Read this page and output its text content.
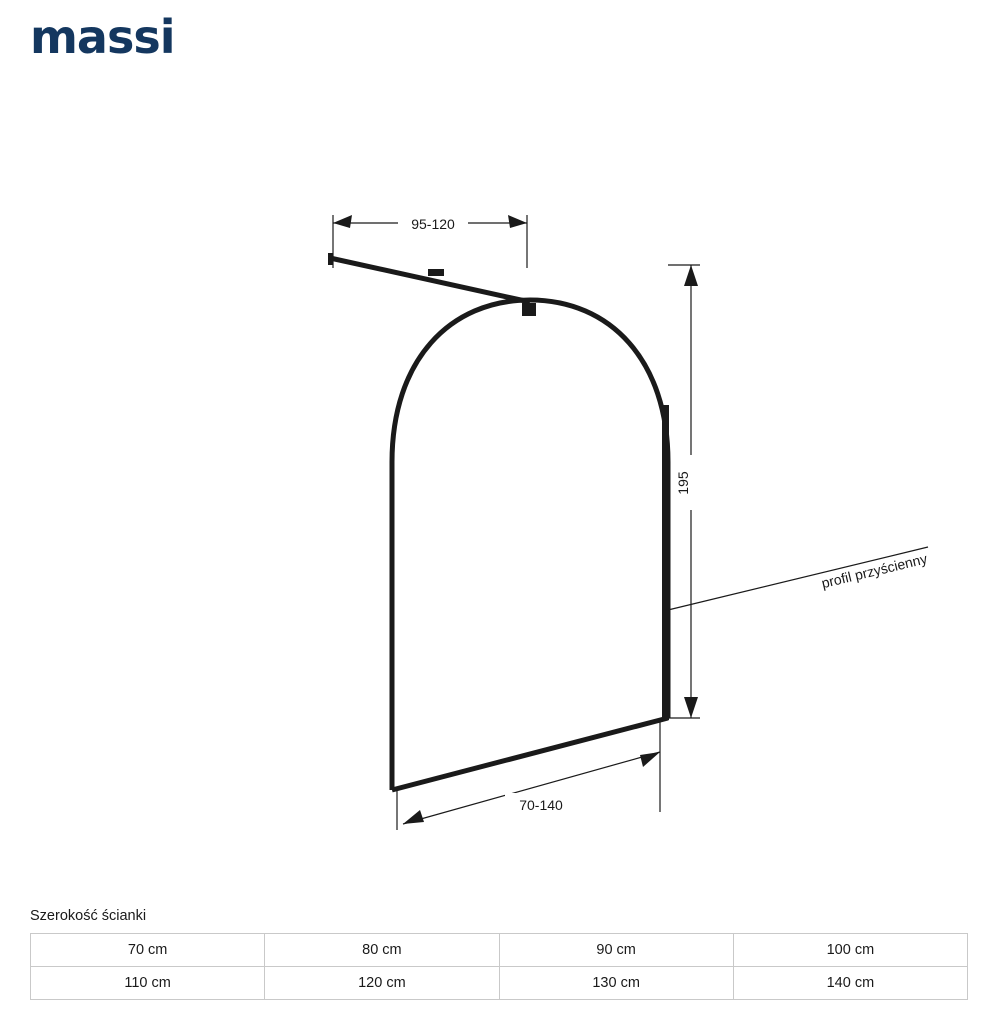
massi
95-120
195
70-140
profil przyścienny
Szerokość ścianki
70 cm	80 cm	90 cm	100 cm
110 cm	120 cm	130 cm	140 cm
